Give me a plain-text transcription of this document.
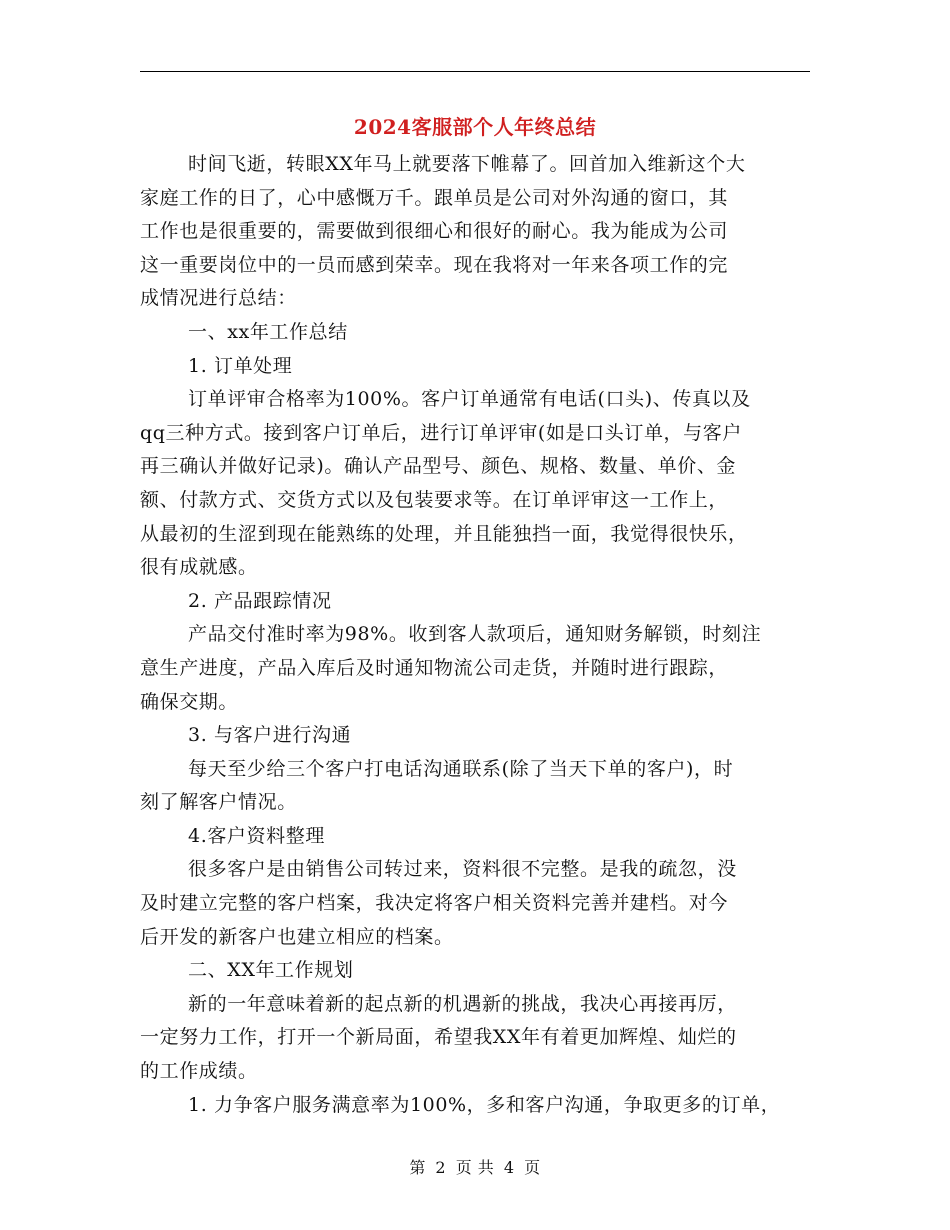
2024客服部个人年终总结
时间飞逝，转眼XX年马上就要落下帷幕了。回首加入维新这个大
家庭工作的日了，心中感慨万千。跟单员是公司对外沟通的窗口，其
工作也是很重要的，需要做到很细心和很好的耐心。我为能成为公司
这一重要岗位中的一员而感到荣幸。现在我将对一年来各项工作的完
成情况进行总结：
一、xx年工作总结
1. 订单处理
订单评审合格率为100%。客户订单通常有电话(口头)、传真以及
qq三种方式。接到客户订单后，进行订单评审(如是口头订单，与客户
再三确认并做好记录)。确认产品型号、颜色、规格、数量、单价、金
额、付款方式、交货方式以及包装要求等。在订单评审这一工作上，
从最初的生涩到现在能熟练的处理，并且能独挡一面，我觉得很快乐，
很有成就感。
2. 产品跟踪情况
产品交付准时率为98%。收到客人款项后，通知财务解锁，时刻注
意生产进度，产品入库后及时通知物流公司走货，并随时进行跟踪，
确保交期。
3. 与客户进行沟通
每天至少给三个客户打电话沟通联系(除了当天下单的客户)，时
刻了解客户情况。
4.客户资料整理
很多客户是由销售公司转过来，资料很不完整。是我的疏忽，没
及时建立完整的客户档案，我决定将客户相关资料完善并建档。对今
后开发的新客户也建立相应的档案。
二、XX年工作规划
新的一年意味着新的起点新的机遇新的挑战，我决心再接再厉，
一定努力工作，打开一个新局面，希望我XX年有着更加辉煌、灿烂的
的工作成绩。
1. 力争客户服务满意率为100%，多和客户沟通，争取更多的订单，
第 2 页 共 4 页
